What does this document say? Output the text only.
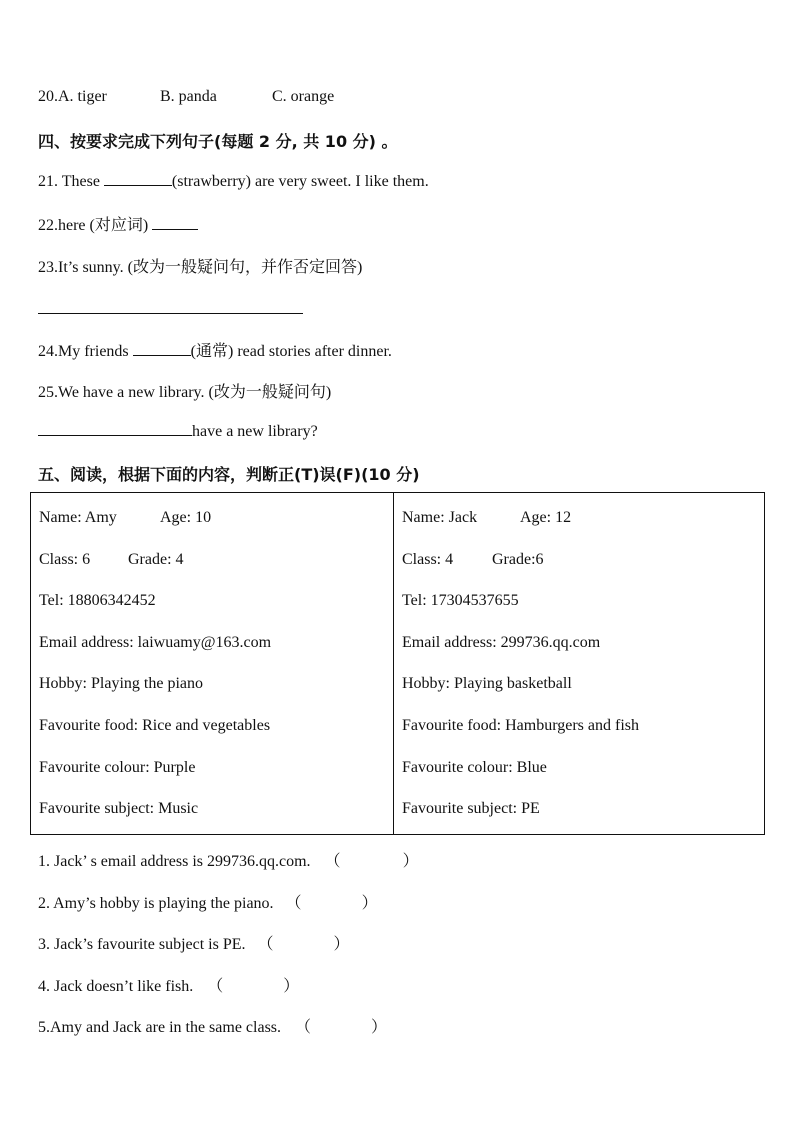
20.A. tiger	B. panda	C. orange
四、按要求完成下列句子(每题 2 分, 共 10 分) 。
21. These	(strawberry) are very sweet. I like them.
22.here (对应词)
23.It’s sunny. (改为一般疑问句，并作否定回答)
24.My friends	(通常) read stories after dinner.
25.We have a new library. (改为一般疑问句)
have a new library?
五、阅读，根据下面的内容，判断正(T)误(F)(10 分)
Name: Amy	Age: 10
Class: 6 Grade: 4
Tel: 18806342452
Email address: laiwuamy@163.com
Hobby: Playing the piano
Favourite food: Rice and vegetables
Favourite colour: Purple
Favourite subject: Music

Name: Jack	Age: 12
Class: 4 Grade:6
Tel: 17304537655
Email address: 299736.qq.com
Hobby: Playing basketball
Favourite food: Hamburgers and fish
Favourite colour: Blue
Favourite subject: PE
1. Jack’ s email address is 299736.qq.com. （	）
2. Amy’s hobby is playing the piano. （	）
3. Jack’s favourite subject is PE. （	）
4. Jack doesn’t like fish. （	）
5.Amy and Jack are in the same class. （	）
